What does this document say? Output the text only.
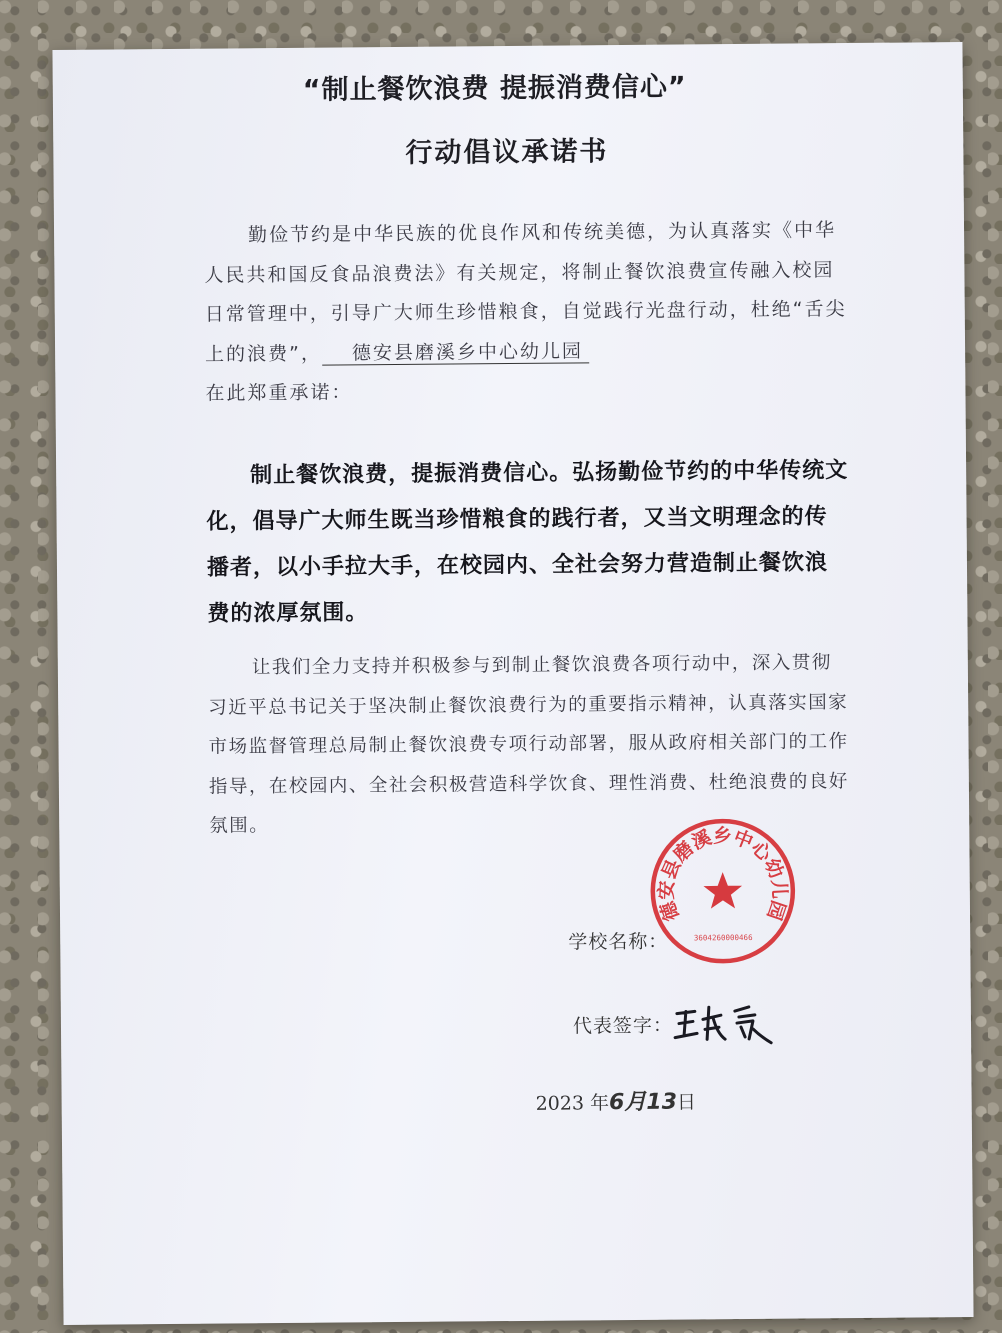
“制止餐饮浪费 提振消费信心”
行动倡议承诺书
勤俭节约是中华民族的优良作风和传统美德，为认真落实《中华人民共和国反食品浪费法》有关规定，将制止餐饮浪费宣传融入校园日常管理中，引导广大师生珍惜粮食，自觉践行光盘行动，杜绝“舌尖上的浪费”， 德安县磨溪乡中心幼儿园
在此郑重承诺：
制止餐饮浪费，提振消费信心。弘扬勤俭节约的中华传统文化，倡导广大师生既当珍惜粮食的践行者，又当文明理念的传播者，以小手拉大手，在校园内、全社会努力营造制止餐饮浪费的浓厚氛围。
让我们全力支持并积极参与到制止餐饮浪费各项行动中，深入贯彻习近平总书记关于坚决制止餐饮浪费行为的重要指示精神，认真落实国家市场监督管理总局制止餐饮浪费专项行动部署，服从政府相关部门的工作指导，在校园内、全社会积极营造科学饮食、理性消费、杜绝浪费的良好氛围。
学校名称：
代表签字：
2023 年6月13日
德安县磨溪乡中心幼儿园
3604260000466
